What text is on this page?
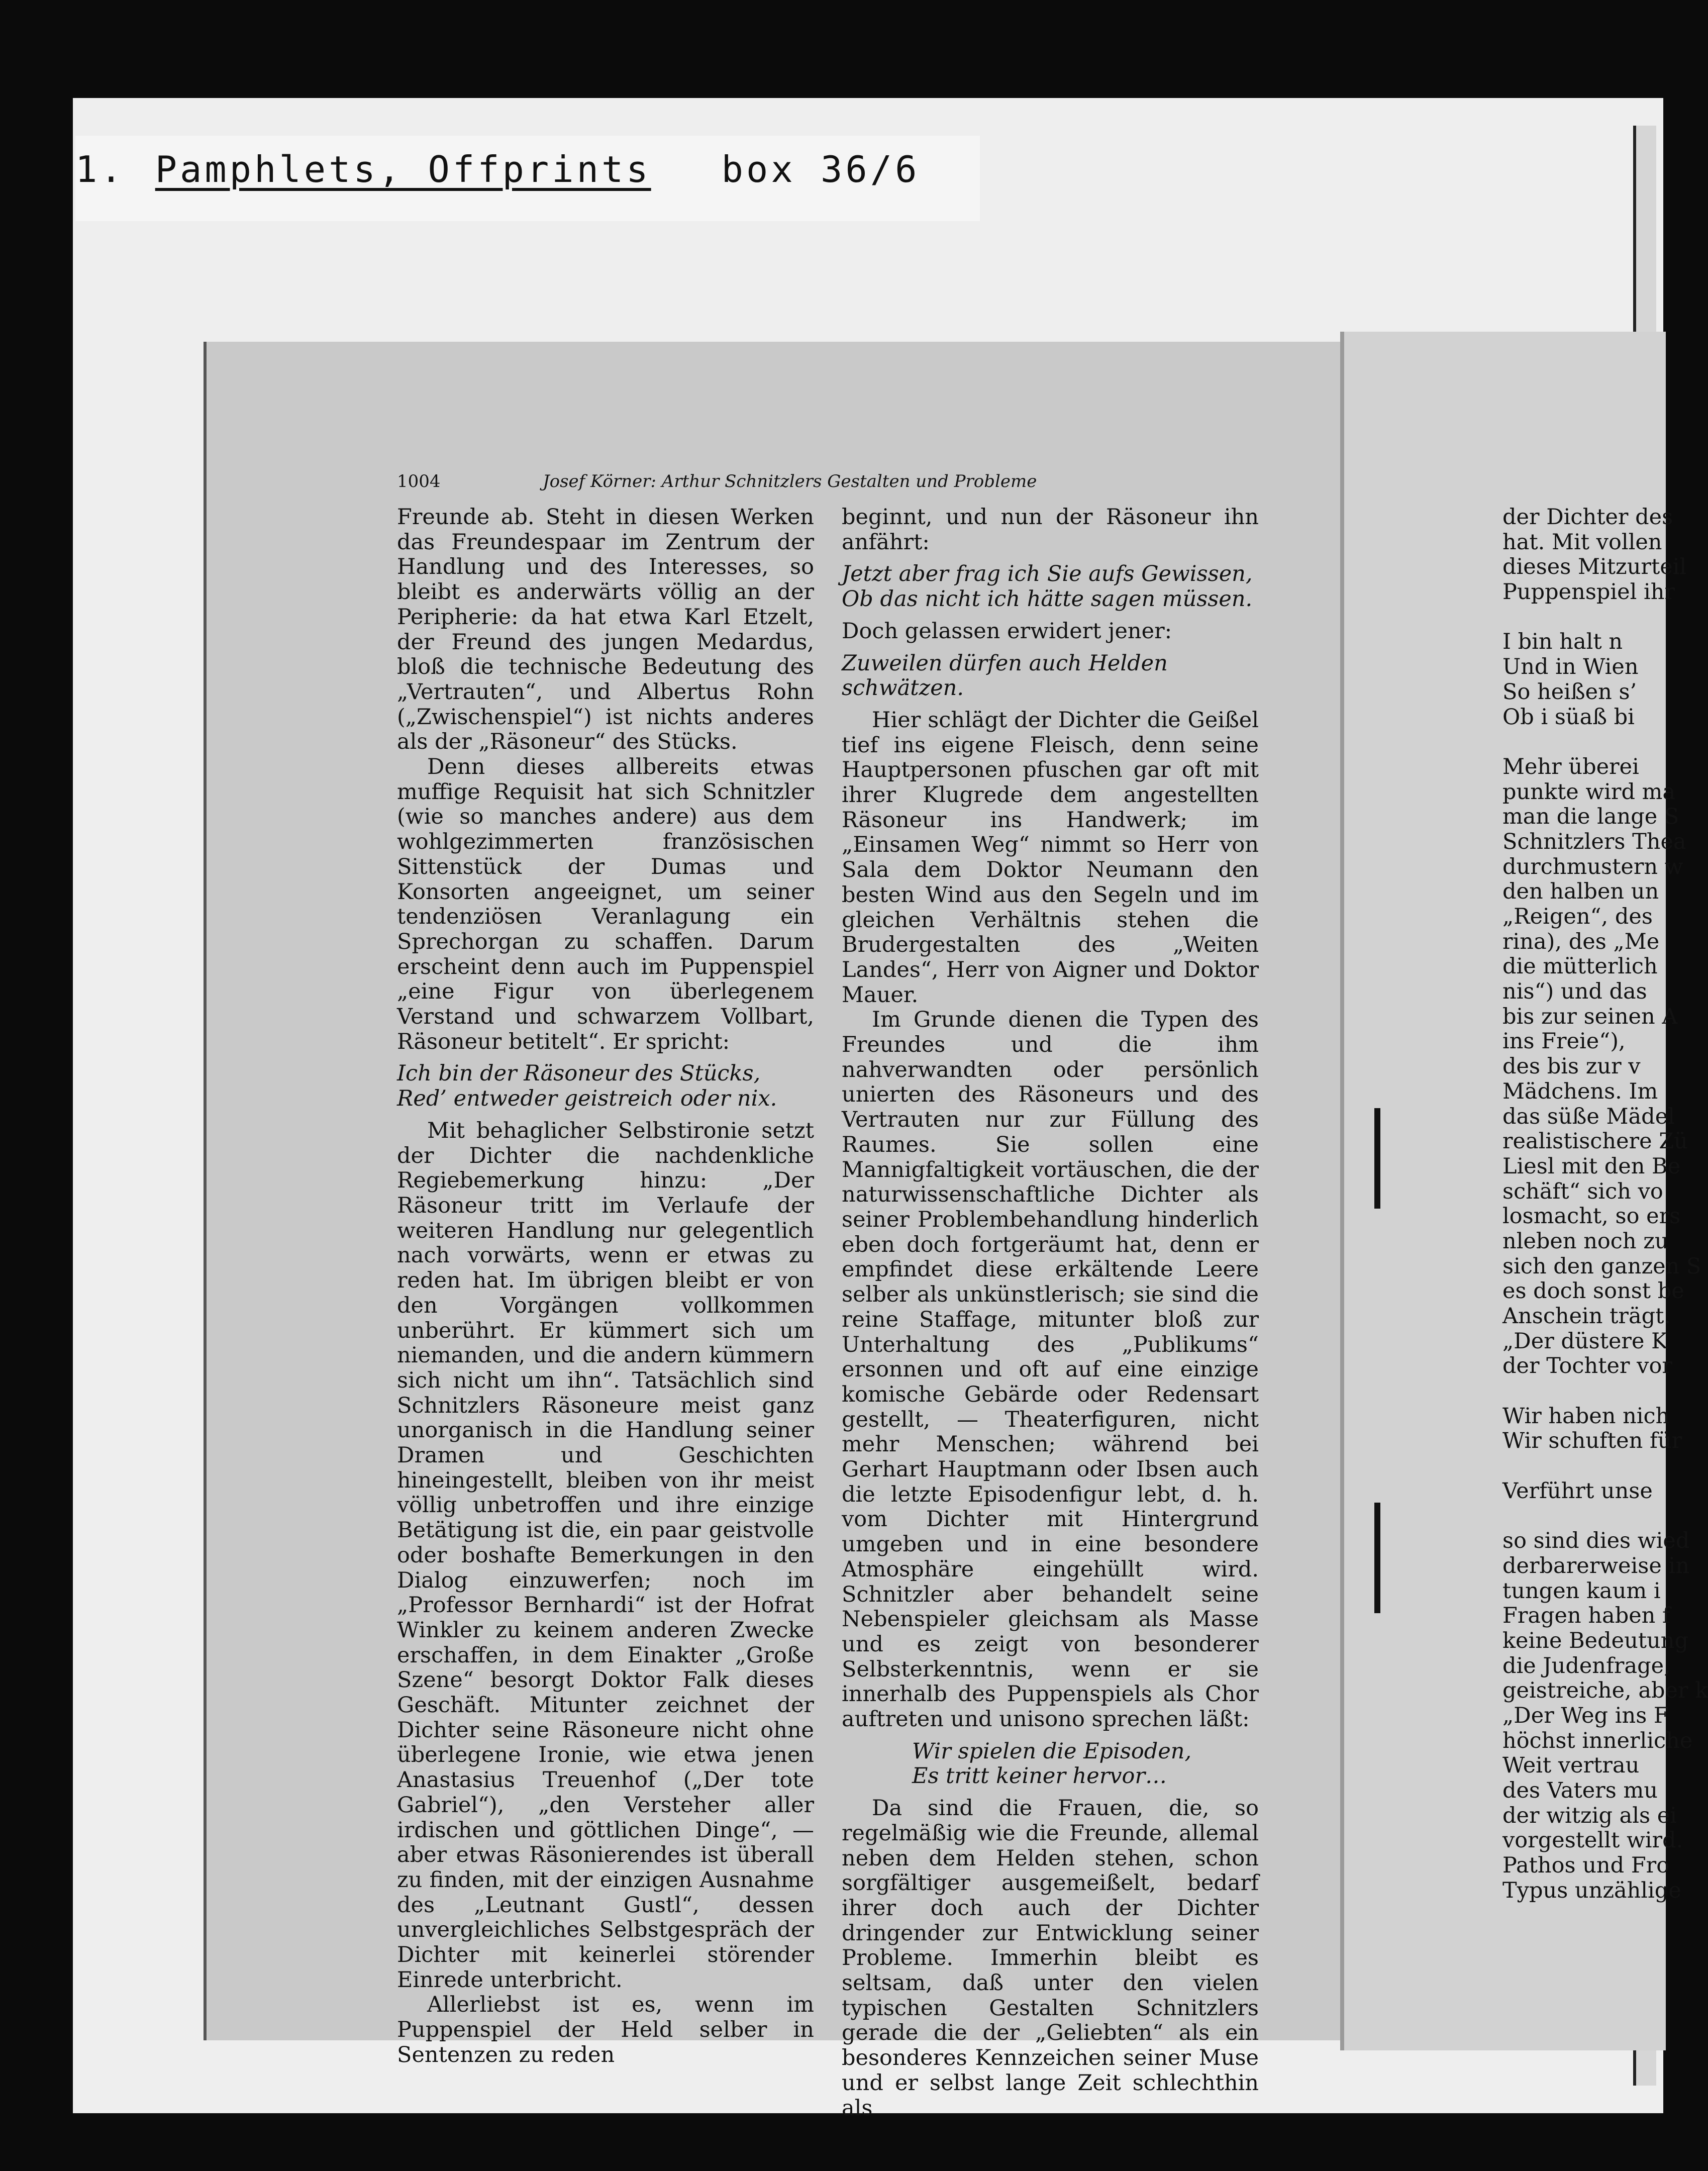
1. Pamphlets, Offprints box 36/6
1004	Josef Körner: Arthur Schnitzlers Gestalten und Probleme

Freunde ab. Steht in diesen Werken das Freundespaar im Zentrum der Handlung und des Interesses, so bleibt es anderwärts völlig an der Peripherie: da hat etwa Karl Etzelt, der Freund des jungen Medardus, bloß die technische Bedeutung des „Vertrauten“, und Albertus Rohn („Zwischenspiel“) ist nichts anderes als der „Räsoneur“ des Stücks.

Denn dieses allbereits etwas muffige Requisit hat sich Schnitzler (wie so manches andere) aus dem wohlgezimmerten französischen Sittenstück der Dumas und Konsorten angeeignet, um seiner tendenziösen Veranlagung ein Sprechorgan zu schaffen. Darum erscheint denn auch im Puppenspiel „eine Figur von überlegenem Verstand und schwarzem Vollbart, Räsoneur betitelt“. Er spricht:

Ich bin der Räsoneur des Stücks,
Red’ entweder geistreich oder nix.

Mit behaglicher Selbstironie setzt der Dichter die nachdenkliche Regiebemerkung hinzu: „Der Räsoneur tritt im Verlaufe der weiteren Handlung nur gelegentlich nach vorwärts, wenn er etwas zu reden hat. Im übrigen bleibt er von den Vorgängen vollkommen unberührt. Er kümmert sich um niemanden, und die andern kümmern sich nicht um ihn“. Tatsächlich sind Schnitzlers Räsoneure meist ganz unorganisch in die Handlung seiner Dramen und Geschichten hineingestellt, bleiben von ihr meist völlig unbetroffen und ihre einzige Betätigung ist die, ein paar geistvolle oder boshafte Bemerkungen in den Dialog einzuwerfen; noch im „Professor Bernhardi“ ist der Hofrat Winkler zu keinem anderen Zwecke erschaffen, in dem Einakter „Große Szene“ besorgt Doktor Falk dieses Geschäft. Mitunter zeichnet der Dichter seine Räsoneure nicht ohne überlegene Ironie, wie etwa jenen Anastasius Treuenhof („Der tote Gabriel“), „den Versteher aller irdischen und göttlichen Dinge“, — aber etwas Räsonierendes ist überall zu finden, mit der einzigen Ausnahme des „Leutnant Gustl“, dessen unvergleichliches Selbstgespräch der Dichter mit keinerlei störender Einrede unterbricht.

Allerliebst ist es, wenn im Puppenspiel der Held selber in Sentenzen zu reden

beginnt, und nun der Räsoneur ihn anfährt:

Jetzt aber frag ich Sie aufs Gewissen,
Ob das nicht ich hätte sagen müssen.

Doch gelassen erwidert jener:

Zuweilen dürfen auch Helden schwätzen.

Hier schlägt der Dichter die Geißel tief ins eigene Fleisch, denn seine Hauptpersonen pfuschen gar oft mit ihrer Klugrede dem angestellten Räsoneur ins Handwerk; im „Einsamen Weg“ nimmt so Herr von Sala dem Doktor Neumann den besten Wind aus den Segeln und im gleichen Verhältnis stehen die Brudergestalten des „Weiten Landes“, Herr von Aigner und Doktor Mauer.

Im Grunde dienen die Typen des Freundes und die ihm nahverwandten oder persönlich unierten des Räsoneurs und des Vertrauten nur zur Füllung des Raumes. Sie sollen eine Mannigfaltigkeit vortäuschen, die der naturwissenschaftliche Dichter als seiner Problembehandlung hinderlich eben doch fortgeräumt hat, denn er empfindet diese erkältende Leere selber als unkünstlerisch; sie sind die reine Staffage, mitunter bloß zur Unterhaltung des „Publikums“ ersonnen und oft auf eine einzige komische Gebärde oder Redensart gestellt, — Theaterfiguren, nicht mehr Menschen; während bei Gerhart Hauptmann oder Ibsen auch die letzte Episodenfigur lebt, d. h. vom Dichter mit Hintergrund umgeben und in eine besondere Atmosphäre eingehüllt wird. Schnitzler aber behandelt seine Nebenspieler gleichsam als Masse und es zeigt von besonderer Selbsterkenntnis, wenn er sie innerhalb des Puppenspiels als Chor auftreten und unisono sprechen läßt:

Wir spielen die Episoden,
Es tritt keiner hervor…

Da sind die Frauen, die, so regelmäßig wie die Freunde, allemal neben dem Helden stehen, schon sorgfältiger ausgemeißelt, bedarf ihrer doch auch der Dichter dringender zur Entwicklung seiner Probleme. Immerhin bleibt es seltsam, daß unter den vielen typischen Gestalten Schnitzlers gerade die der „Geliebten“ als ein besonderes Kennzeichen seiner Muse und er selbst lange Zeit schlechthin als

der Dichter des
hat. Mit vollen
dieses Mitzurteil
Puppenspiel ihr
I bin halt n
Und in Wien
So heißen s’
Ob i süaß bi
Mehr überei
punkte wird ma
man die lange S
Schnitzlers Thea
durchmustern w
den halben un
„Reigen“, des
rina), des „Me
die mütterlich
nis“) und das
bis zur seinen A
ins Freie“),
des bis zur v
Mädchens. Im
das süße Mädel
realistischere Zü
Liesl mit den Be
schäft“ sich vo
losmacht, so ers
nleben noch zu
sich den ganzen S
es doch sonst be
Anschein trägt.
„Der düstere K
der Tochter vor
Wir haben nich
Wir schuften für
Verführt unse
so sind dies wied
derbarerweise in
tungen kaum i
Fragen haben f
keine Bedeutung
die Judenfrage,
geistreiche, aber k
„Der Weg ins F
höchst innerliche
Weit vertrau
des Vaters mu
der witzig als ei
vorgestellt wird.
Pathos und Fro
Typus unzählige
